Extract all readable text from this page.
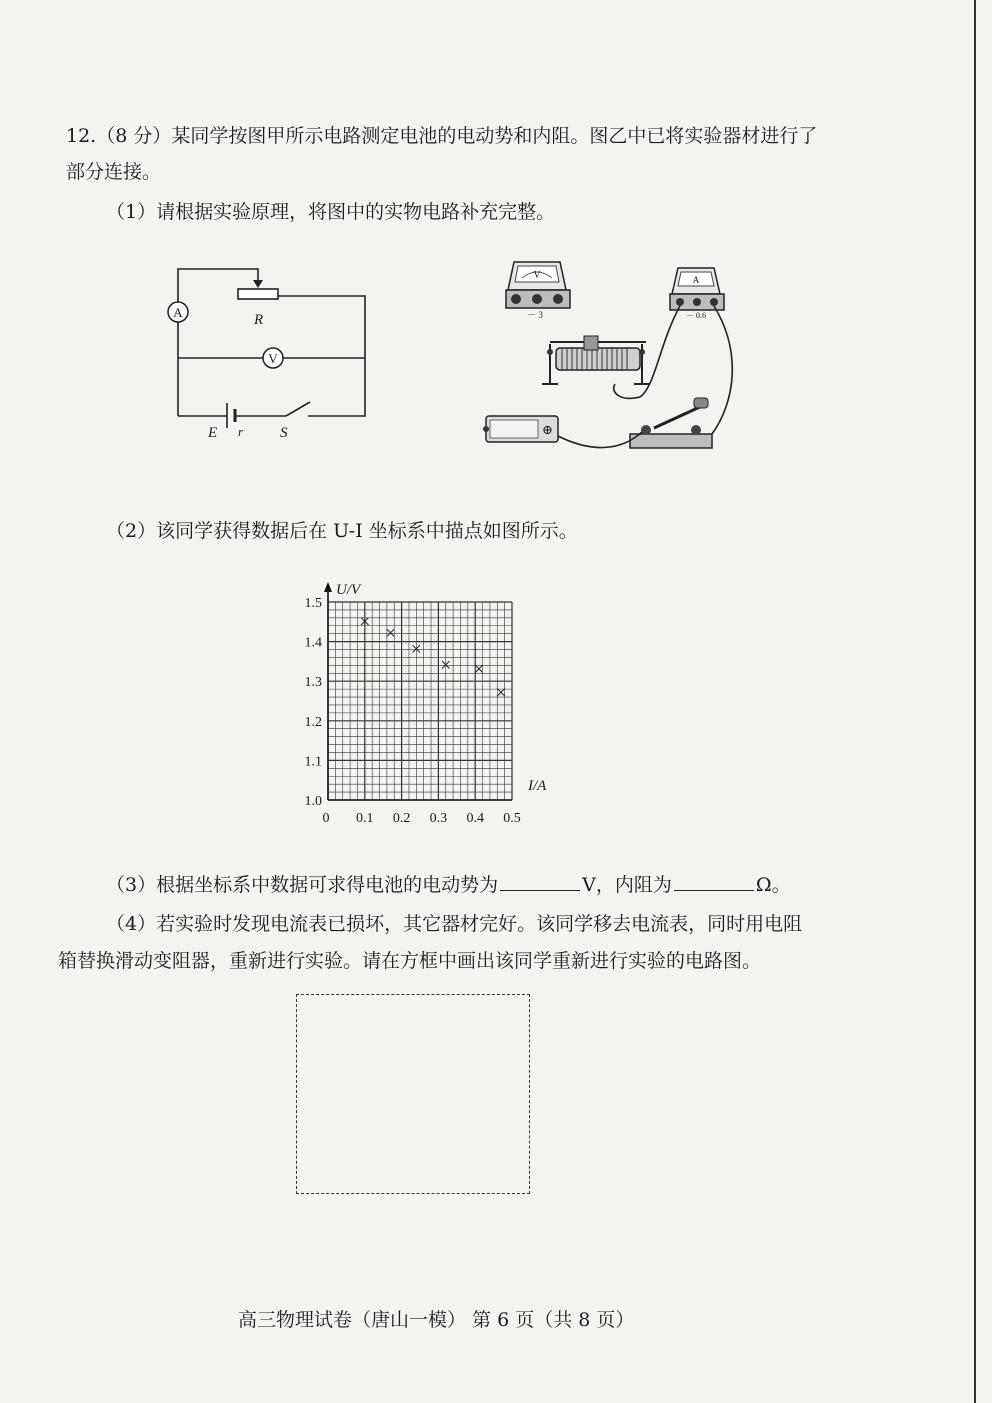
12.（8 分）某同学按图甲所示电路测定电池的电动势和内阻。图乙中已将实验器材进行了
部分连接。
（1）请根据实验原理，将图中的实物电路补充完整。
A
V
R
E r S
V
－ 3
A
－ 0.6
⊕
（2）该同学获得数据后在 U-I 坐标系中描点如图所示。
0 0.1 0.2 0.3 0.4 0.5
1.0
1.1
1.2
1.3
1.4
1.5
×
×
×
× ×
×
U/V
I/A
（3）根据坐标系中数据可求得电池的电动势为	V，内阻为	Ω。
（4）若实验时发现电流表已损坏，其它器材完好。该同学移去电流表，同时用电阻
箱替换滑动变阻器，重新进行实验。请在方框中画出该同学重新进行实验的电路图。
高三物理试卷（唐山一模） 第 6 页（共 8 页）
